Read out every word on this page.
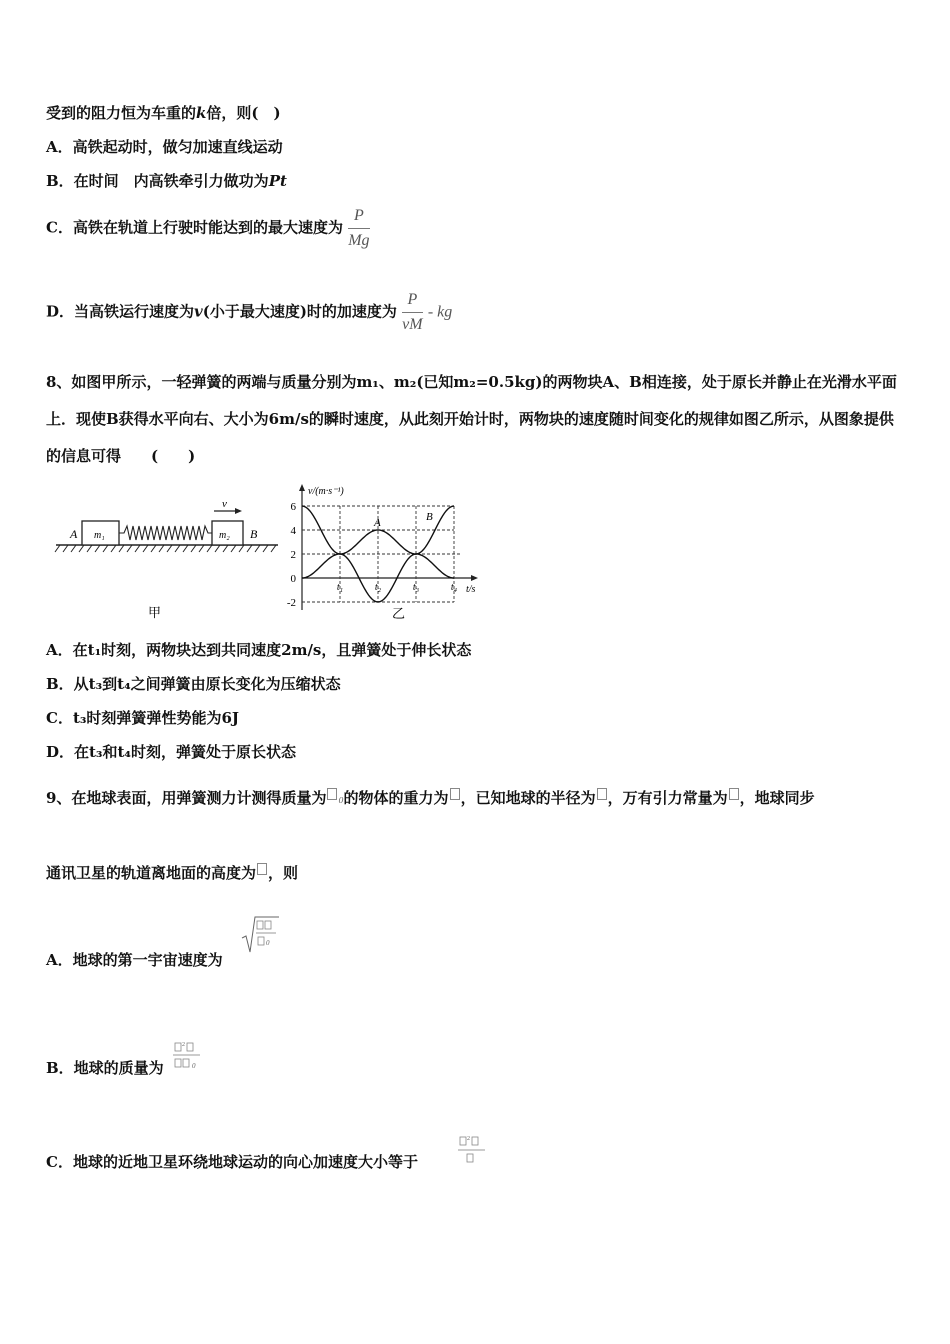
受到的阻力恒为车重的k倍，则(　)
A．高铁起动时，做匀加速直线运动
B．在时间　内高铁牵引力做功为Pt
C．高铁在轨道上行驶时能达到的最大速度为 $\frac{P}{Mg}$
D．当高铁运行速度为v(小于最大速度)时的加速度为 $\frac{P}{vM}$ - kg
8、如图甲所示，一轻弹簧的两端与质量分别为m₁、m₂(已知m₂=0.5kg)的两物块A、B相连接，处于原长并静止在光滑水平面上．现使B获得水平向右、大小为6m/s的瞬时速度，从此刻开始计时，两物块的速度随时间变化的规律如图乙所示，从图象提供的信息可得　　(　　)
v
A	B
m₁	m₂
甲
v/(m·s⁻¹)
t/s
乙
6
4
2
0
-2
t₁	t₂	t₃	t₄
A	B
A．在t₁时刻，两物块达到共同速度2m/s，且弹簧处于伸长状态
B．从t₃到t₄之间弹簧由原长变化为压缩状态
C．t₃时刻弹簧弹性势能为6J
D．在t₃和t₄时刻，弹簧处于原长状态
9、在地球表面，用弹簧测力计测得质量为 0的物体的重力为 ，已知地球的半径为 ，万有引力常量为 ，地球同步
通讯卫星的轨道离地面的高度为 ，则
A．地球的第一宇宙速度为
0
B．地球的质量为
2
0
C．地球的近地卫星环绕地球运动的向心加速度大小等于
2
